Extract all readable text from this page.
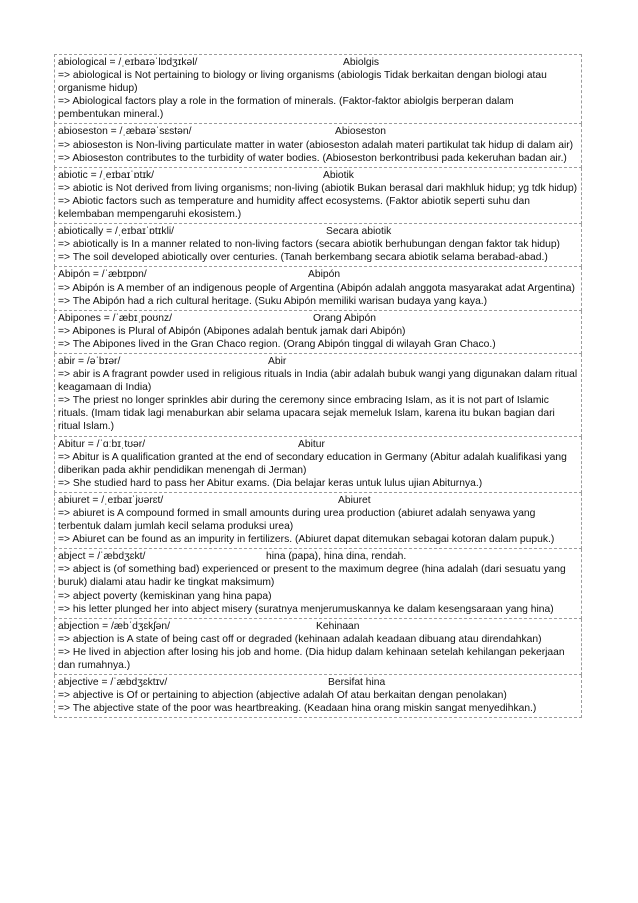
abiological = /ˌeɪbaɪəˈlɒdʒɪkəl/	Abiolgis
=> abiological is Not pertaining to biology or living organisms (abiologis Tidak berkaitan dengan biologi atau organisme hidup)
=> Abiological factors play a role in the formation of minerals. (Faktor-faktor abiolgis berperan dalam pembentukan mineral.)
abioseston = /ˌæbaɪəˈsɛstən/	Abioseston
=> abioseston is Non-living particulate matter in water (abioseston adalah materi partikulat tak hidup di dalam air)
=> Abioseston contributes to the turbidity of water bodies. (Abioseston berkontribusi pada kekeruhan badan air.)
abiotic = /ˌeɪbaɪˈɒtɪk/	Abiotik
=> abiotic is Not derived from living organisms; non-living (abiotik Bukan berasal dari makhluk hidup; yg tdk hidup)
=> Abiotic factors such as temperature and humidity affect ecosystems. (Faktor abiotik seperti suhu dan kelembaban mempengaruhi ekosistem.)
abiotically = /ˌeɪbaɪˈɒtɪkli/	Secara abiotik
=> abiotically is In a manner related to non-living factors (secara abiotik berhubungan dengan faktor tak hidup)
=> The soil developed abiotically over centuries. (Tanah berkembang secara abiotik selama berabad-abad.)
Abipón = /ˈæbɪpɒn/	Abipón
=> Abipón is A member of an indigenous people of Argentina (Abipón adalah anggota masyarakat adat Argentina)
=> The Abipón had a rich cultural heritage. (Suku Abipón memiliki warisan budaya yang kaya.)
Abipones = /ˈæbɪˌpoʊnz/	Orang Abipón
=> Abipones is Plural of Abipón (Abipones adalah bentuk jamak dari Abipón)
=> The Abipones lived in the Gran Chaco region. (Orang Abipón tinggal di wilayah Gran Chaco.)
abir = /əˈbɪər/	Abir
=> abir is A fragrant powder used in religious rituals in India (abir adalah bubuk wangi yang digunakan dalam ritual keagamaan di India)
=> The priest no longer sprinkles abir during the ceremony since embracing Islam, as it is not part of Islamic rituals. (Imam tidak lagi menaburkan abir selama upacara sejak memeluk Islam, karena itu bukan bagian dari ritual Islam.)
Abitur = /ˈɑːbɪˌtʊər/	Abitur
=> Abitur is A qualification granted at the end of secondary education in Germany (Abitur adalah kualifikasi yang diberikan pada akhir pendidikan menengah di Jerman)
=> She studied hard to pass her Abitur exams. (Dia belajar keras untuk lulus ujian Abiturnya.)
abiuret = /ˌeɪbaɪˈjʊərɛt/	Abiuret
=> abiuret is A compound formed in small amounts during urea production (abiuret adalah senyawa yang terbentuk dalam jumlah kecil selama produksi urea)
=> Abiuret can be found as an impurity in fertilizers. (Abiuret dapat ditemukan sebagai kotoran dalam pupuk.)
abject = /ˈæbdʒɛkt/	hina (papa), hina dina, rendah.
=> abject is (of something bad) experienced or present to the maximum degree (hina adalah (dari sesuatu yang buruk) dialami atau hadir ke tingkat maksimum)
=> abject poverty (kemiskinan yang hina papa)
=> his letter plunged her into abject misery (suratnya menjerumuskannya ke dalam kesengsaraan yang hina)
abjection = /æbˈdʒɛkʃən/	Kehinaan
=> abjection is A state of being cast off or degraded (kehinaan adalah keadaan dibuang atau direndahkan)
=> He lived in abjection after losing his job and home. (Dia hidup dalam kehinaan setelah kehilangan pekerjaan dan rumahnya.)
abjective = /ˈæbdʒɛktɪv/	Bersifat hina
=> abjective is Of or pertaining to abjection (abjective adalah Of atau berkaitan dengan penolakan)
=> The abjective state of the poor was heartbreaking. (Keadaan hina orang miskin sangat menyedihkan.)
